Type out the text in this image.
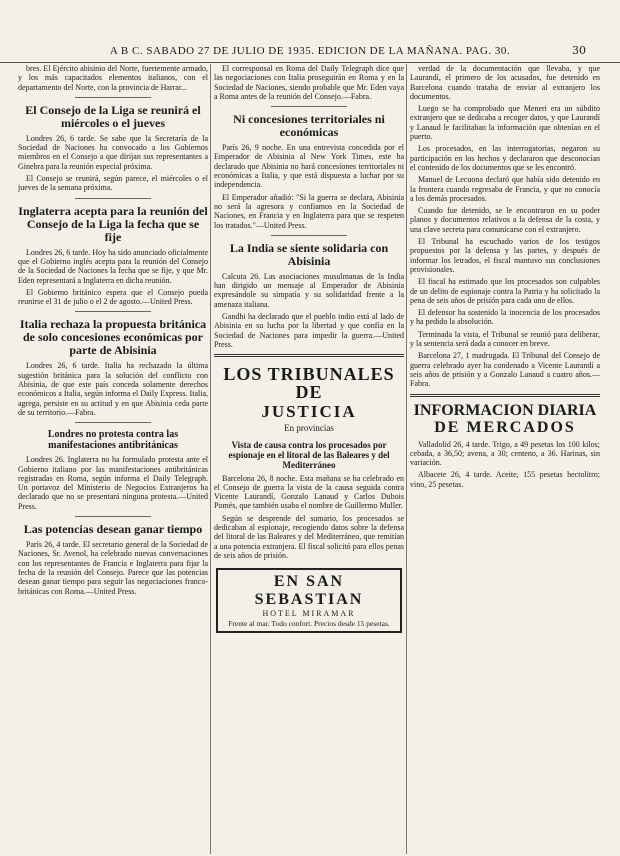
A B C. SABADO 27 DE JULIO DE 1935. EDICION DE LA MAÑANA. PAG. 30.	30

bres. El Ejército abisinio del Norte, fuertemente armado, y los más capacitados elementos italianos, con el departamento del Norte, con la provincia de Harrar...

El Consejo de la Liga se reunirá el miércoles o el jueves

Londres 26, 6 tarde. Se sabe que la Secretaría de la Sociedad de Naciones ha convocado a los Gobiernos miembros en el Consejo a que dirijan sus representantes a Ginebra para la reunión especial próxima.

El Consejo se reunirá, según parece, el miércoles o el jueves de la semana próxima.

Inglaterra acepta para la reunión del Consejo de la Liga la fecha que se fije

Londres 26, 6 tarde. Hoy ha sido anunciado oficialmente que el Gobierno inglés acepta para la reunión del Consejo de la Sociedad de Naciones la fecha que se fije, y que Mr. Eden representará a Inglaterra en dicha reunión.

El Gobierno británico espera que el Consejo pueda reunirse el 31 de julio o el 2 de agosto.—United Press.

Italia rechaza la propuesta británica de solo concesiones económicas por parte de Abisinia

Londres 26, 6 tarde. Italia ha rechazado la última sugestión británica para la solución del conflicto con Abisinia, de que este país conceda solamente derechos económicos a Italia, según informa el Daily Express. Italia, agrega, persiste en su actitud y en que Abisinia ceda parte de su territorio.—Fabra.

Londres no protesta contra las manifestaciones antibritánicas

Londres 26. Inglaterra no ha formulado protesta ante el Gobierno italiano por las manifestaciones antibritánicas registradas en Roma, según informa el Daily Telegraph. Un portavoz del Ministerio de Negocios Extranjeros ha declarado que no se presentará ninguna protesta.—United Press.

Las potencias desean ganar tiempo

París 26, 4 tarde. El secretario general de la Sociedad de Naciones, Sr. Avenol, ha celebrado nuevas conversaciones con los representantes de Francia e Inglaterra para fijar la fecha de la reunión del Consejo. Parece que las potencias desean ganar tiempo para seguir las negociaciones franco-británicas con Roma.—United Press.

El corresponsal en Roma del Daily Telegraph dice que las negociaciones con Italia proseguirán en Roma y en la Sociedad de Naciones, siendo probable que Mr. Eden vaya a Roma antes de la reunión del Consejo.—Fabra.

Ni concesiones territoriales ni económicas

París 26, 9 noche. En una entrevista concedida por el Emperador de Abisinia al New York Times, este ha declarado que Abisinia no hará concesiones territoriales ni económicas a Italia, y que está dispuesta a luchar por su independencia.

El Emperador añadió: "Si la guerra se declara, Abisinia no será la agresora y confiamos en la Sociedad de Naciones, en Francia y en Inglaterra para que se respeten los tratados."—United Press.

La India se siente solidaria con Abisinia

Calcuta 26. Las asociaciones musulmanas de la India han dirigido un mensaje al Emperador de Abisinia expresándole su simpatía y su solidaridad frente a la amenaza italiana.

Gandhi ha declarado que el pueblo indio está al lado de Abisinia en su lucha por la libertad y que confía en la Sociedad de Naciones para impedir la guerra.—United Press.

LOS TRIBUNALES DE
JUSTICIA
En provincias
Vista de causa contra los procesados por espionaje en el litoral de las Baleares y del Mediterráneo

Barcelona 26, 8 noche. Esta mañana se ha celebrado en el Consejo de guerra la vista de la causa seguida contra Vicente Laurandí, Gonzalo Lanaud y Carlos Dubois Pomés, que también usaba el nombre de Guillermo Muller.

Según se desprende del sumario, los procesados se dedicaban al espionaje, recogiendo datos sobre la defensa del litoral de las Baleares y del Mediterráneo, que remitían a una potencia extranjera. El fiscal solicitó para ellos penas de seis años de prisión.

EN SAN SEBASTIAN
HOTEL MIRAMAR
Frente al mar. Todo confort. Precios desde 15 pesetas.

verdad de la documentación que llevaba, y que Laurandí, el primero de los acusados, fue detenido en Barcelona cuando trataba de enviar al extranjero los documentos.

Luego se ha comprobado que Meneri era un súbdito extranjero que se dedicaba a recoger datos, y que Laurandí y Lanaud le facilitaban la información que obtenían en el puerto.

Los procesados, en las interrogatorias, negaron su participación en los hechos y declararon que desconocían el contenido de los documentos que se les encontró.

Manuel de Lecuona declaró que había sido detenido en la frontera cuando regresaba de Francia, y que no conocía a los demás procesados.

Cuando fue detenido, se le encontraron en su poder planos y documentos relativos a la defensa de la costa, y una clave secreta para comunicarse con el extranjero.

El Tribunal ha escuchado varios de los testigos propuestos por la defensa y las partes, y después de informar los letrados, el fiscal mantuvo sus conclusiones provisionales.

El fiscal ha estimado que los procesados son culpables de un delito de espionaje contra la Patria y ha solicitado la pena de seis años de prisión para cada uno de ellos.

El defensor ha sostenido la inocencia de los procesados y ha pedido la absolución.

Terminada la vista, el Tribunal se reunió para deliberar, y la sentencia será dada a conocer en breve.

Barcelona 27, 1 madrugada. El Tribunal del Consejo de guerra celebrado ayer ha condenado a Vicente Laurandí a seis años de prisión y a Gonzalo Lanaud a cuatro años.—Fabra.

INFORMACION DIARIA
DE MERCADOS

Valladolid 26, 4 tarde. Trigo, a 49 pesetas los 100 kilos; cebada, a 36,50; avena, a 30; centeno, a 36. Harinas, sin variación.

Albacete 26, 4 tarde. Aceite, 155 pesetas hectolitro; vino, 25 pesetas.
